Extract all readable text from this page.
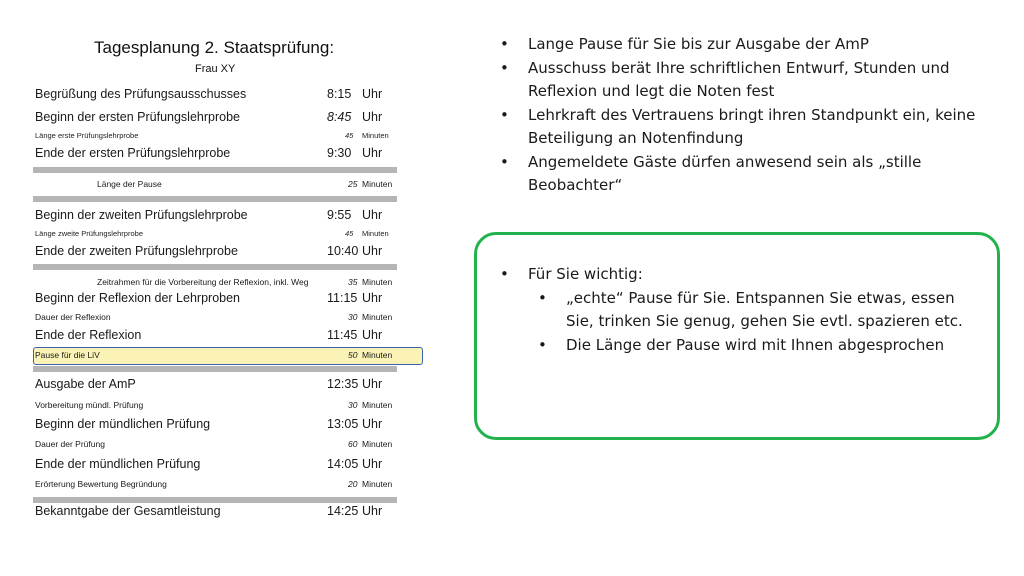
Tagesplanung 2. Staatsprüfung:
Frau XY
Begrüßung des Prüfungsausschusses	8:15 Uhr
Beginn der ersten Prüfungslehrprobe	8:45 Uhr
Länge erste Prüfungslehrprobe	45 Minuten
Ende der ersten Prüfungslehrprobe	9:30 Uhr
Länge der Pause	25 Minuten
Beginn der zweiten Prüfungslehrprobe	9:55 Uhr
Länge zweite Prüfungslehrprobe	45 Minuten
Ende der zweiten Prüfungslehrprobe	10:40 Uhr
Zeitrahmen für die Vorbereitung der Reflexion, inkl. Weg	35 Minuten
Beginn der Reflexion der Lehrproben	11:15 Uhr
Dauer der Reflexion	30 Minuten
Ende der Reflexion	11:45 Uhr
Pause für die LiV	50 Minuten
Ausgabe der AmP	12:35 Uhr
Vorbereitung mündl. Prüfung	30 Minuten
Beginn der mündlichen Prüfung	13:05 Uhr
Dauer der Prüfung	60 Minuten
Ende der mündlichen Prüfung	14:05 Uhr
Erörterung Bewertung Begründung	20 Minuten
Bekanntgabe der Gesamtleistung	14:25 Uhr
• Lange Pause für Sie bis zur Ausgabe der AmP
• Ausschuss berät Ihre schriftlichen Entwurf, Stunden und Reflexion und legt die Noten fest
• Lehrkraft des Vertrauens bringt ihren Standpunkt ein, keine Beteiligung an Notenfindung
• Angemeldete Gäste dürfen anwesend sein als „stille Beobachter“
• Für Sie wichtig:
• „echte“ Pause für Sie. Entspannen Sie etwas, essen Sie, trinken Sie genug, gehen Sie evtl. spazieren etc.
• Die Länge der Pause wird mit Ihnen abgesprochen
